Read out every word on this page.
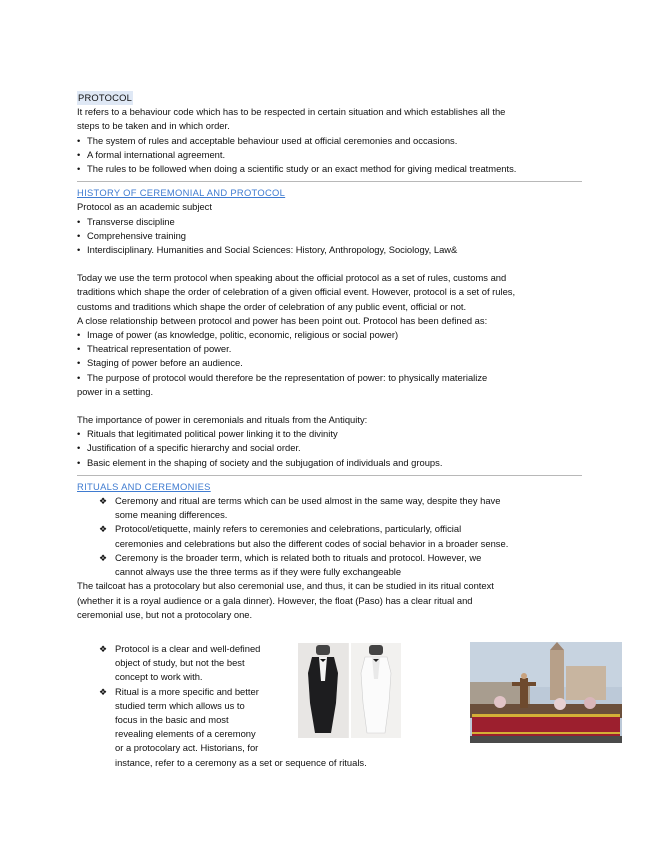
PROTOCOL

It refers to a behaviour code which has to be respected in certain situation and which establishes all the

steps to be taken and in which order.

• The system of rules and acceptable behaviour used at official ceremonies and occasions.
• A formal international agreement.
• The rules to be followed when doing a scientific study or an exact method for giving medical treatments.

HISTORY OF CEREMONIAL AND PROTOCOL

Protocol as an academic subject

• Transverse discipline
• Comprehensive training
• Interdisciplinary. Humanities and Social Sciences: History, Anthropology, Sociology, Law&

Today we use the term protocol when speaking about the official protocol as a set of rules, customs and

traditions which shape the order of celebration of a given official event. However, protocol is a set of rules,

customs and traditions which shape the order of celebration of any public event, official or not.

A close relationship between protocol and power has been point out. Protocol has been defined as:

• Image of power (as knowledge, politic, economic, religious or social power)
• Theatrical representation of power.
• Staging of power before an audience.
• The purpose of protocol would therefore be the representation of power: to physically materialize

power in a setting.

The importance of power in ceremonials and rituals from the Antiquity:

• Rituals that legitimated political power linking it to the divinity
• Justification of a specific hierarchy and social order.
• Basic element in the shaping of society and the subjugation of individuals and groups.

RITUALS AND CEREMONIES

❖ Ceremony and ritual are terms which can be used almost in the same way, despite they have
some meaning differences.
❖ Protocol/etiquette, mainly refers to ceremonies and celebrations, particularly, official
ceremonies and celebrations but also the different codes of social behavior in a broader sense.
❖ Ceremony is the broader term, which is related both to rituals and protocol. However, we
cannot always use the three terms as if they were fully exchangeable

The tailcoat has a protocolary but also ceremonial use, and thus, it can be studied in its ritual context

(whether it is a royal audience or a gala dinner). However, the float (Paso) has a clear ritual and

ceremonial use, but not a protocolary one.

❖ Protocol is a clear and well-defined
object of study, but not the best
concept to work with.
❖ Ritual is a more specific and better
studied term which allows us to
focus in the basic and most
revealing elements of a ceremony
or a protocolary act. Historians, for
instance, refer to a ceremony as a set or sequence of rituals.
